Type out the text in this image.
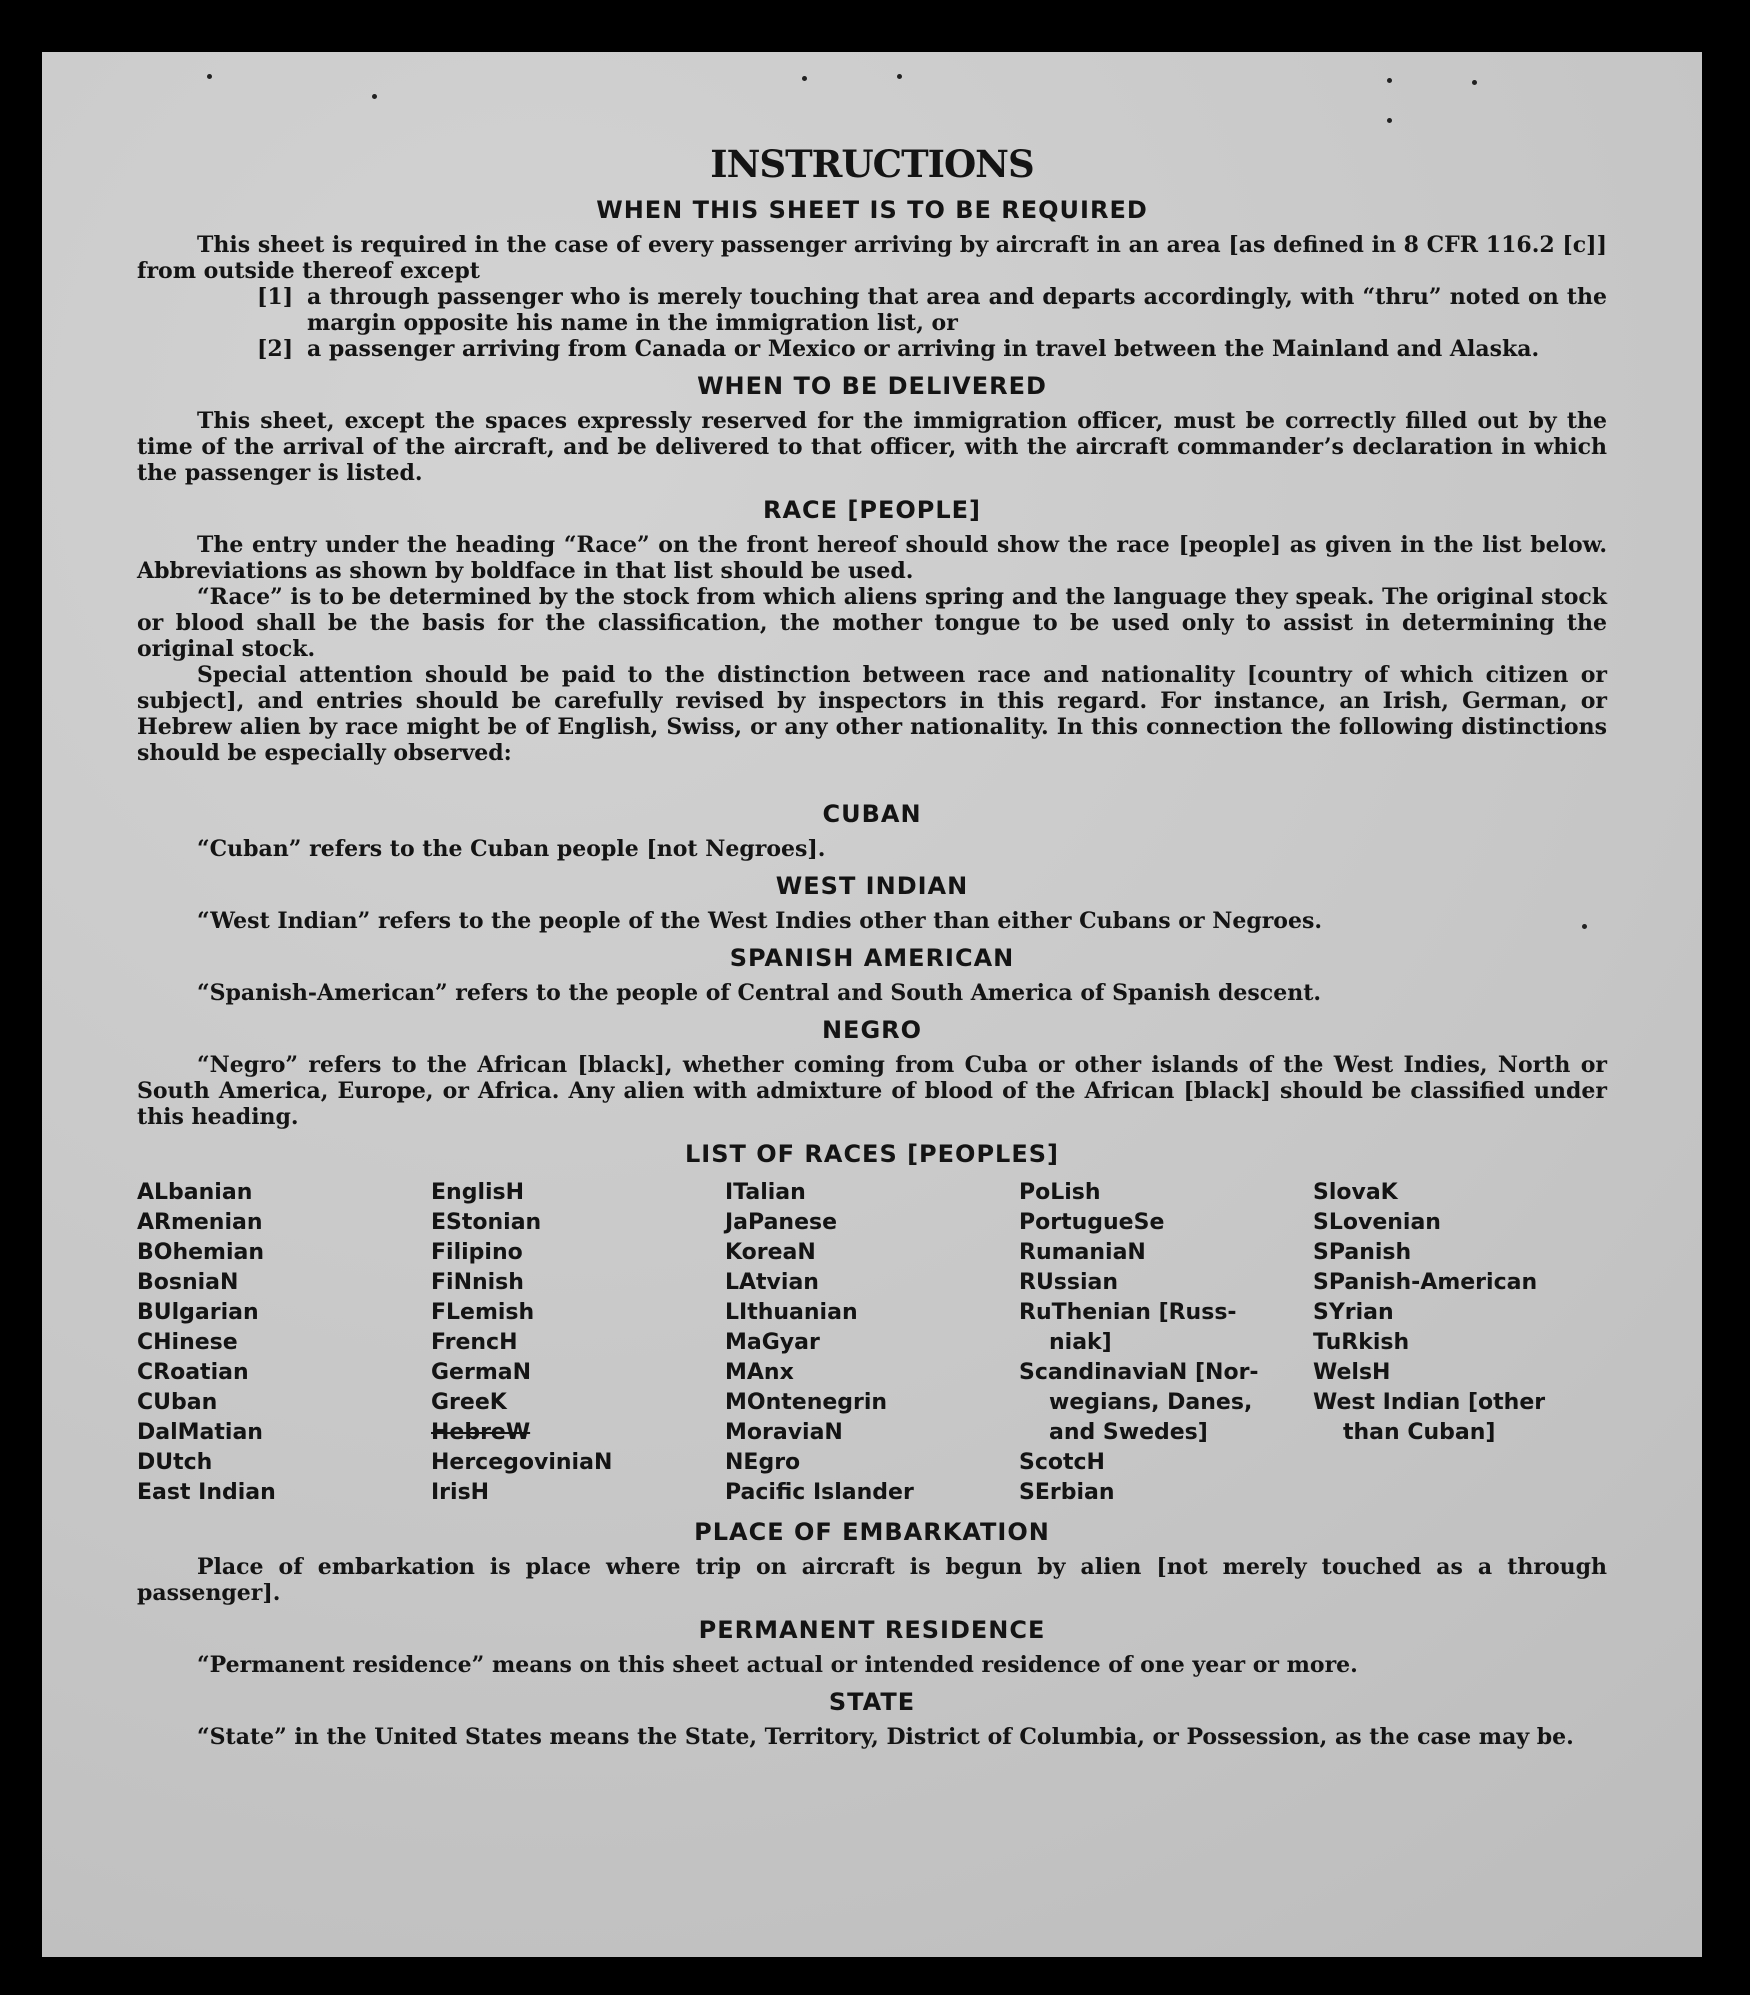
INSTRUCTIONS
WHEN THIS SHEET IS TO BE REQUIRED

This sheet is required in the case of every passenger arriving by aircraft in an area [as defined in 8 CFR 116.2 [c]] from outside thereof except

[1] a through passenger who is merely touching that area and departs accordingly, with “thru” noted on the margin opposite his name in the immigration list, or
[2] a passenger arriving from Canada or Mexico or arriving in travel between the Mainland and Alaska.
WHEN TO BE DELIVERED

This sheet, except the spaces expressly reserved for the immigration officer, must be correctly filled out by the time of the arrival of the aircraft, and be delivered to that officer, with the aircraft commander’s declaration in which the passenger is listed.

RACE [PEOPLE]

The entry under the heading “Race” on the front hereof should show the race [people] as given in the list below. Abbreviations as shown by boldface in that list should be used.

“Race” is to be determined by the stock from which aliens spring and the language they speak. The original stock or blood shall be the basis for the classification, the mother tongue to be used only to assist in determining the original stock.

Special attention should be paid to the distinction between race and nationality [country of which citizen or subject], and entries should be carefully revised by inspectors in this regard. For instance, an Irish, German, or Hebrew alien by race might be of English, Swiss, or any other nationality. In this connection the following distinctions should be especially observed:

CUBAN

“Cuban” refers to the Cuban people [not Negroes].

WEST INDIAN

“West Indian” refers to the people of the West Indies other than either Cubans or Negroes.

SPANISH AMERICAN

“Spanish-American” refers to the people of Central and South America of Spanish descent.

NEGRO

“Negro” refers to the African [black], whether coming from Cuba or other islands of the West Indies, North or South America, Europe, or Africa. Any alien with admixture of blood of the African [black] should be classified under this heading.

LIST OF RACES [PEOPLES]
ALbanian
ARmenian
BOhemian
BosniaN
BUlgarian
CHinese
CRoatian
CUban
DalMatian
DUtch
East Indian
EnglisH
EStonian
Filipino
FiNnish
FLemish
FrencH
GermaN
GreeK
HebreW
HercegoviniaN
IrisH
ITalian
JaPanese
KoreaN
LAtvian
LIthuanian
MaGyar
MAnx
MOntenegrin
MoraviaN
NEgro
Pacific Islander
PoLish
PortugueSe
RumaniaN
RUssian
RuThenian [Russ-
niak]
ScandinaviaN [Nor-
wegians, Danes,
and Swedes]
ScotcH
SErbian
SlovaK
SLovenian
SPanish
SPanish-American
SYrian
TuRkish
WelsH
West Indian [other
than Cuban]
PLACE OF EMBARKATION

Place of embarkation is place where trip on aircraft is begun by alien [not merely touched as a through passenger].

PERMANENT RESIDENCE

“Permanent residence” means on this sheet actual or intended residence of one year or more.

STATE

“State” in the United States means the State, Territory, District of Columbia, or Possession, as the case may be.
